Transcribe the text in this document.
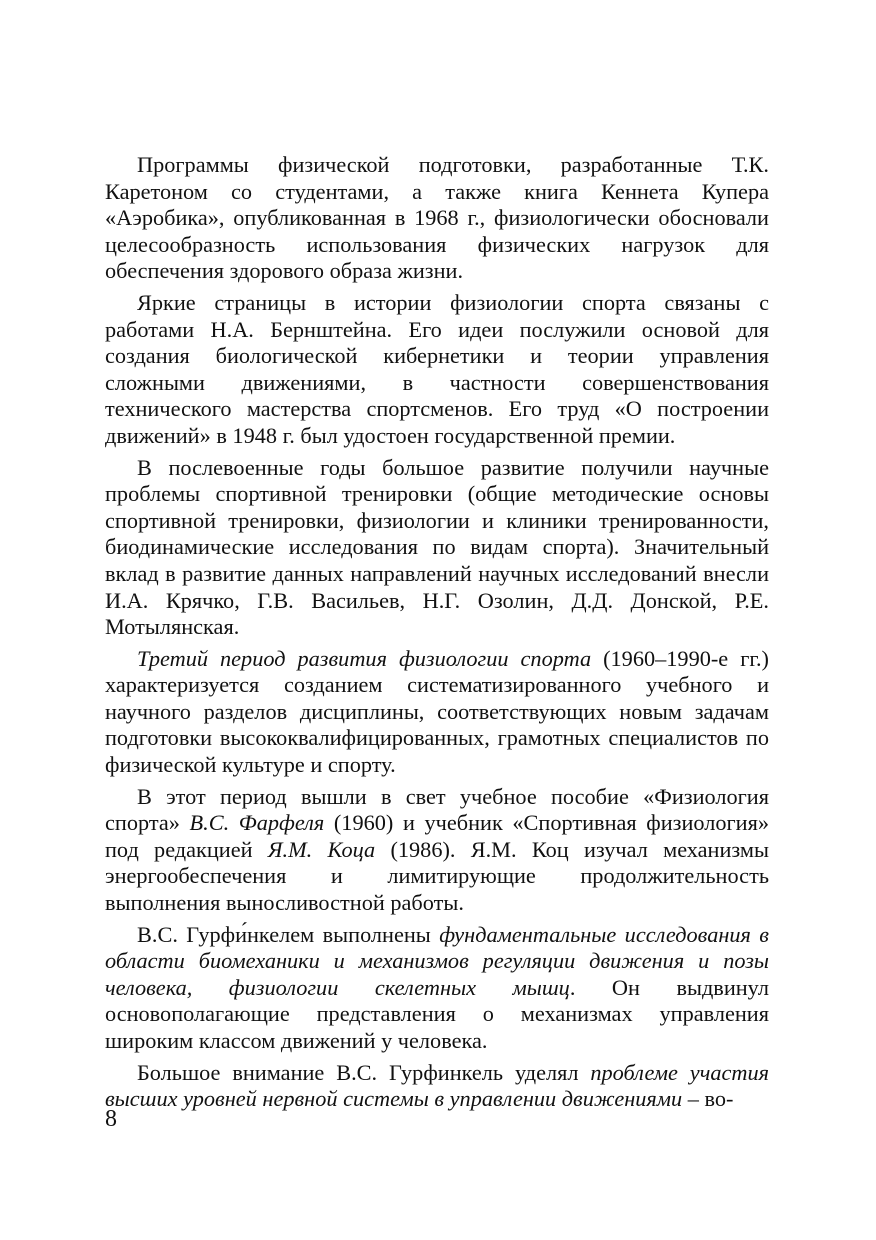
Программы физической подготовки, разработанные Т.К. Каретоном со студентами, а также книга Кеннета Купера «Аэробика», опубликованная в 1968 г., физиологически обосновали целесообразность использования физических нагрузок для обеспечения здорового образа жизни.

Яркие страницы в истории физиологии спорта связаны с работами Н.А. Бернштейна. Его идеи послужили основой для создания биологической кибернетики и теории управления сложными движениями, в частности совершенствования технического мастерства спортсменов. Его труд «О построении движений» в 1948 г. был удостоен государственной премии.

В послевоенные годы большое развитие получили научные проблемы спортивной тренировки (общие методические основы спортивной тренировки, физиологии и клиники тренированности, биодинамические исследования по видам спорта). Значительный вклад в развитие данных направлений научных исследований внесли И.А. Крячко, Г.В. Васильев, Н.Г. Озолин, Д.Д. Донской, Р.Е. Мотылянская.

Третий период развития физиологии спорта (1960–1990-е гг.) характеризуется созданием систематизированного учебного и научного разделов дисциплины, соответствующих новым задачам подготовки высококвалифицированных, грамотных специалистов по физической культуре и спорту.

В этот период вышли в свет учебное пособие «Физиология спорта» В.С. Фарфеля (1960) и учебник «Спортивная физиология» под редакцией Я.М. Коца (1986). Я.М. Коц изучал механизмы энергообеспечения и лимитирующие продолжительность выполнения выносливостной работы.

В.С. Гурфи́нкелем выполнены фундаментальные исследования в области биомеханики и механизмов регуляции движения и позы человека, физиологии скелетных мышц. Он выдвинул основополагающие представления о механизмах управления широким классом движений у человека.

Большое внимание В.С. Гурфинкель уделял проблеме участия высших уровней нервной системы в управлении движениями – во-

8
